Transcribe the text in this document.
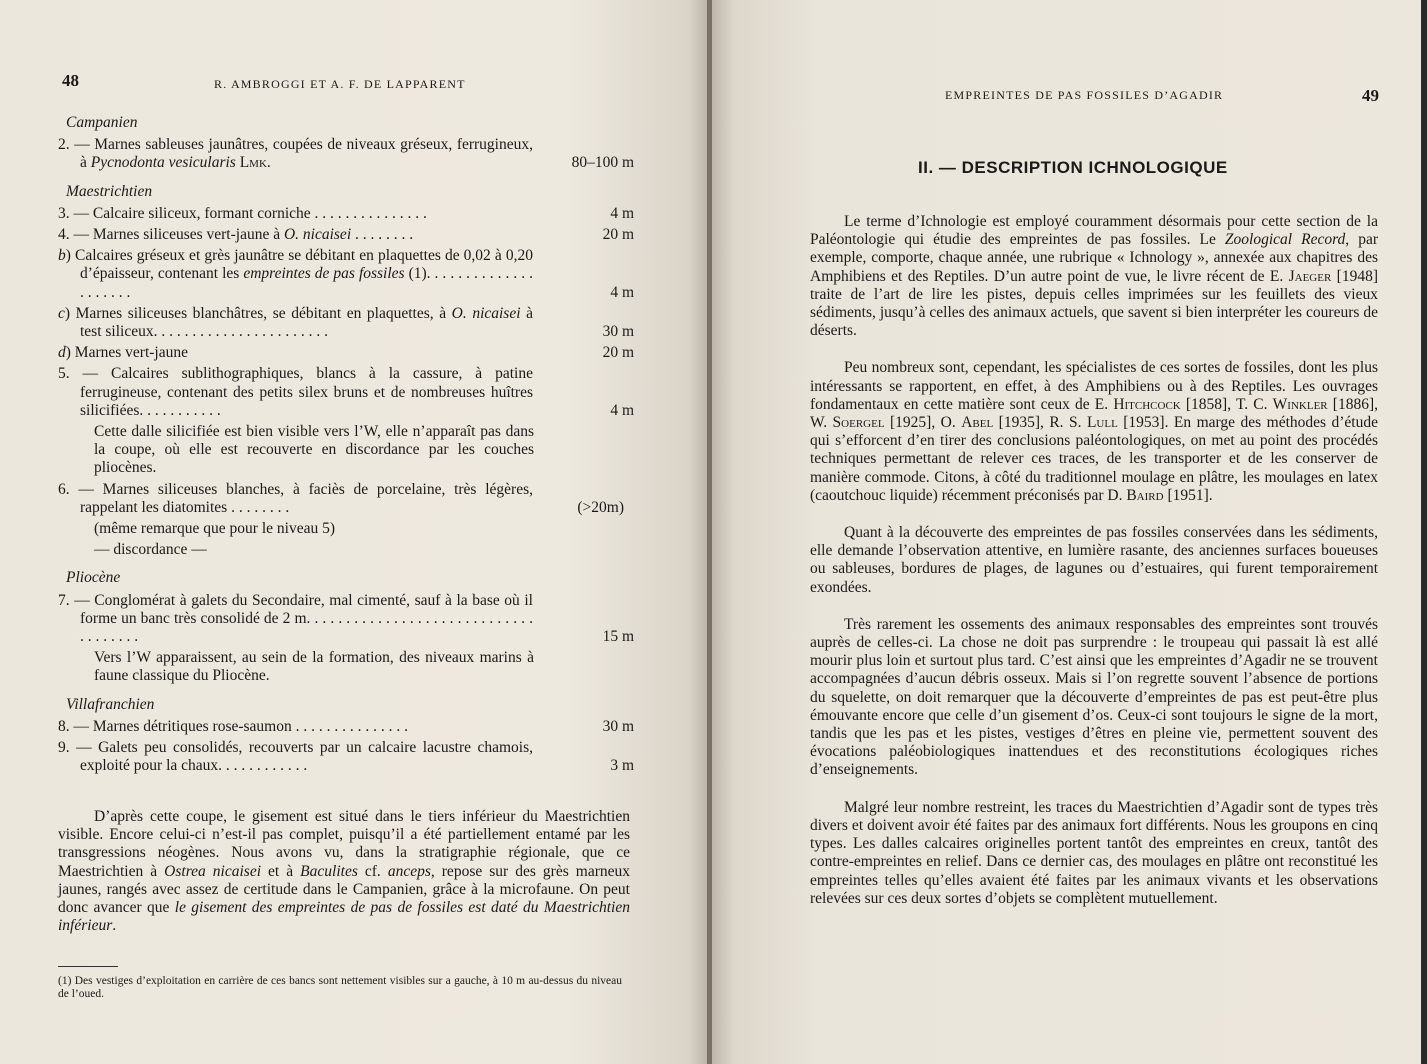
48	R. AMBROGGI ET A. F. DE LAPPARENT
Campanien
2. — Marnes sableuses jaunâtres, coupées de niveaux gréseux, ferrugineux, à Pycnodonta vesicularis Lmk.	80–100 m
Maestrichtien
3. — Calcaire siliceux, formant corniche . . . . . . . . . . . . . . .	4 m
4. — Marnes siliceuses vert-jaune à O. nicaisei . . . . . . . .	20 m
b) Calcaires gréseux et grès jaunâtre se débitant en plaquettes de 0,02 à 0,20 d’épaisseur, contenant les empreintes de pas fossiles (1). . . . . . . . . . . . . . . . . . . . .	4 m
c) Marnes siliceuses blanchâtres, se débitant en plaquettes, à O. nicaisei à test siliceux. . . . . . . . . . . . . . . . . . . . . . .	30 m
d) Marnes vert-jaune	20 m
5. — Calcaires sublithographiques, blancs à la cassure, à patine ferrugineuse, contenant des petits silex bruns et de nombreuses huîtres silicifiées. . . . . . . . . . .	4 m
Cette dalle silicifiée est bien visible vers l’W, elle n’apparaît pas dans la coupe, où elle est recouverte en discordance par les couches pliocènes.
6. — Marnes siliceuses blanches, à faciès de porcelaine, très légères, rappelant les diatomites . . . . . . . .	(>20m)
(même remarque que pour le niveau 5)
— discordance —
Pliocène
7. — Conglomérat à galets du Secondaire, mal cimenté, sauf à la base où il forme un banc très consolidé de 2 m. . . . . . . . . . . . . . . . . . . . . . . . . . . . . . . . . . . . .	15 m
Vers l’W apparaissent, au sein de la formation, des niveaux marins à faune classique du Pliocène.
Villafranchien
8. — Marnes détritiques rose-saumon . . . . . . . . . . . . . . .	30 m
9. — Galets peu consolidés, recouverts par un calcaire lacustre chamois, exploité pour la chaux. . . . . . . . . . . .	3 m
D’après cette coupe, le gisement est situé dans le tiers inférieur du Maestrichtien visible. Encore celui-ci n’est-il pas complet, puisqu’il a été partiellement entamé par les transgressions néogènes. Nous avons vu, dans la stratigraphie régionale, que ce Maestrichtien à Ostrea nicaisei et à Baculites cf. anceps, repose sur des grès marneux jaunes, rangés avec assez de certitude dans le Campanien, grâce à la microfaune. On peut donc avancer que le gisement des empreintes de pas de fossiles est daté du Maestrichtien inférieur.
(1) Des vestiges d’exploitation en carrière de ces bancs sont nettement visibles sur a gauche, à 10 m au-dessus du niveau de l’oued.
EMPREINTES DE PAS FOSSILES D’AGADIR	49
II. — DESCRIPTION ICHNOLOGIQUE

Le terme d’Ichnologie est employé couramment désormais pour cette section de la Paléontologie qui étudie des empreintes de pas fossiles. Le Zoological Record, par exemple, comporte, chaque année, une rubrique « Ichnology », annexée aux chapitres des Amphibiens et des Reptiles. D’un autre point de vue, le livre récent de E. Jaeger [1948] traite de l’art de lire les pistes, depuis celles imprimées sur les feuillets des vieux sédiments, jusqu’à celles des animaux actuels, que savent si bien interpréter les coureurs de déserts.

Peu nombreux sont, cependant, les spécialistes de ces sortes de fossiles, dont les plus intéressants se rapportent, en effet, à des Amphibiens ou à des Reptiles. Les ouvrages fondamentaux en cette matière sont ceux de E. Hitchcock [1858], T. C. Winkler [1886], W. Soergel [1925], O. Abel [1935], R. S. Lull [1953]. En marge des méthodes d’étude qui s’efforcent d’en tirer des conclusions paléontologiques, on met au point des procédés techniques permettant de relever ces traces, de les transporter et de les conserver de manière commode. Citons, à côté du traditionnel moulage en plâtre, les moulages en latex (caoutchouc liquide) récemment préconisés par D. Baird [1951].

Quant à la découverte des empreintes de pas fossiles conservées dans les sédiments, elle demande l’observation attentive, en lumière rasante, des anciennes surfaces boueuses ou sableuses, bordures de plages, de lagunes ou d’estuaires, qui furent temporairement exondées.

Très rarement les ossements des animaux responsables des empreintes sont trouvés auprès de celles-ci. La chose ne doit pas surprendre : le troupeau qui passait là est allé mourir plus loin et surtout plus tard. C’est ainsi que les empreintes d’Agadir ne se trouvent accompagnées d’aucun débris osseux. Mais si l’on regrette souvent l’absence de portions du squelette, on doit remarquer que la découverte d’empreintes de pas est peut-être plus émouvante encore que celle d’un gisement d’os. Ceux-ci sont toujours le signe de la mort, tandis que les pas et les pistes, vestiges d’êtres en pleine vie, permettent souvent des évocations paléobiologiques inattendues et des reconstitutions écologiques riches d’enseignements.

Malgré leur nombre restreint, les traces du Maestrichtien d’Agadir sont de types très divers et doivent avoir été faites par des animaux fort différents. Nous les groupons en cinq types. Les dalles calcaires originelles portent tantôt des empreintes en creux, tantôt des contre-empreintes en relief. Dans ce dernier cas, des moulages en plâtre ont reconstitué les empreintes telles qu’elles avaient été faites par les animaux vivants et les observations relevées sur ces deux sortes d’objets se complètent mutuellement.
